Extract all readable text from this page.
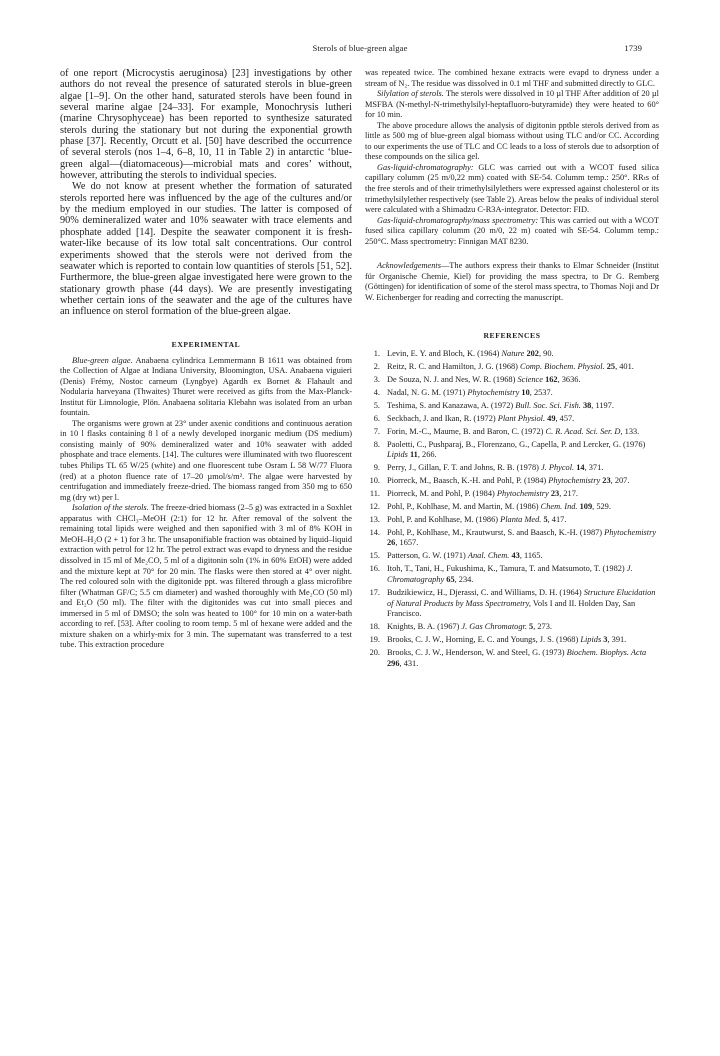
Sterols of blue-green algae	1739

of one report (Microcystis aeruginosa) [23] investigations by other authors do not reveal the presence of saturated sterols in blue-green algae [1–9]. On the other hand, saturated sterols have been found in several marine algae [24–33]. For example, Monochrysis lutheri (marine Chrysophyceae) has been reported to synthesize saturated sterols during the stationary but not during the exponential growth phase [37]. Recently, Orcutt et al. [50] have described the occurrence of several sterols (nos 1–4, 6–8, 10, 11 in Table 2) in antarctic ‘blue-green algal—(diatomaceous)—microbial mats and cores’ without, however, attributing the sterols to individual species.

We do not know at present whether the formation of saturated sterols reported here was influenced by the age of the cultures and/or by the medium employed in our studies. The latter is composed of 90% demineralized water and 10% seawater with trace elements and phosphate added [14]. Despite the seawater component it is fresh-water-like because of its low total salt concentrations. Our control experiments showed that the sterols were not derived from the seawater which is reported to contain low quantities of sterols [51, 52]. Furthermore, the blue-green algae investigated here were grown to the stationary growth phase (44 days). We are presently investigating whether certain ions of the seawater and the age of the cultures have an influence on sterol formation of the blue-green algae.

EXPERIMENTAL

Blue-green algae. Anabaena cylindrica Lemmermann B 1611 was obtained from the Collection of Algae at Indiana University, Bloomington, USA. Anabaena viguieri (Denis) Frémy, Nostoc carneum (Lyngbye) Agardh ex Bornet & Flahault and Nodularia harveyana (Thwaites) Thuret were received as gifts from the Max-Planck-Institut für Limnologie, Plön. Anabaena solitaria Klebahn was isolated from an urban fountain.

The organisms were grown at 23° under axenic conditions and continuous aeration in 10 l flasks containing 8 l of a newly developed inorganic medium (DS medium) consisting mainly of 90% demineralized water and 10% seawater with added phosphate and trace elements. [14]. The cultures were illuminated with two fluorescent tubes Philips TL 65 W/25 (white) and one fluorescent tube Osram L 58 W/77 Fluora (red) at a photon fluence rate of 17–20 µmol/s/m². The algae were harvested by centrifugation and immediately freeze-dried. The biomass ranged from 350 mg to 650 mg (dry wt) per l.

Isolation of the sterols. The freeze-dried biomass (2–5 g) was extracted in a Soxhlet apparatus with CHCl₃–MeOH (2:1) for 12 hr. After removal of the solvent the remaining total lipids were weighed and then saponified with 3 ml of 8% KOH in MeOH–H₂O (2 + 1) for 3 hr. The unsaponifiable fraction was obtained by liquid–liquid extraction with petrol for 12 hr. The petrol extract was evapd to dryness and the residue dissolved in 15 ml of Me₂CO, 5 ml of a digitonin soln (1% in 60% EtOH) were added and the mixture kept at 70° for 20 min. The flasks were then stored at 4° over night. The red coloured soln with the digitonide ppt. was filtered through a glass microfibre filter (Whatman GF/C; 5.5 cm diameter) and washed thoroughly with Me₂CO (50 ml) and Et₂O (50 ml). The filter with the digitonides was cut into small pieces and immersed in 5 ml of DMSO; the soln was heated to 100° for 10 min on a water-bath according to ref. [53]. After cooling to room temp. 5 ml of hexane were added and the mixture shaken on a whirly-mix for 3 min. The supernatant was transferred to a test tube. This extraction procedure

was repeated twice. The combined hexane extracts were evapd to dryness under a stream of N₂. The residue was dissolved in 0.1 ml THF and submitted directly to GLC.

Silylation of sterols. The sterols were dissolved in 10 µl THF After addition of 20 µl MSFBA (N-methyl-N-trimethylsilyl-heptafluoro-butyramide) they were heated to 60° for 10 min.

The above procedure allows the analysis of digitonin pptble sterols derived from as little as 500 mg of blue-green algal biomass without using TLC and/or CC. According to our experiments the use of TLC and CC leads to a loss of sterols due to adsorption of these compounds on the silica gel.

Gas-liquid-chromatography: GLC was carried out with a WCOT fused silica capillary columm (25 m/0,22 mm) coated with SE-54. Columm temp.: 250°. RRₜs of the free sterols and of their trimethylsilylethers were expressed against cholesterol or its trimethylsilylether respectively (see Table 2). Areas below the peaks of individual sterol were calculated with a Shimadzu C-R3A-integrator. Detector: FID.

Gas-liquid-chromatography/mass spectrometry: This was carried out with a WCOT fused silica capillary columm (20 m/0, 22 m) coated wih SE-54. Columm temp.: 250°C. Mass spectrometry: Finnigan MAT 8230.

Acknowledgements—The authors express their thanks to Elmar Schneider (Institut für Organische Chemie, Kiel) for providing the mass spectra, to Dr G. Remberg (Göttingen) for identification of some of the sterol mass spectra, to Thomas Noji and Dr W. Eichenberger for reading and correcting the manuscript.

REFERENCES
1. Levin, E. Y. and Bloch, K. (1964) Nature 202, 90.
2. Reitz, R. C. and Hamilton, J. G. (1968) Comp. Biochem. Physiol. 25, 401.
3. De Souza, N. J. and Nes, W. R. (1968) Science 162, 3636.
4. Nadal, N. G. M. (1971) Phytochemistry 10, 2537.
5. Teshima, S. and Kanazawa, A. (1972) Bull. Soc. Sci. Fish. 38, 1197.
6. Seckbach, J. and Ikan, R. (1972) Plant Physiol. 49, 457.
7. Forin, M.-C., Maume, B. and Baron, C. (1972) C. R. Acad. Sci. Ser. D, 133.
8. Paoletti, C., Pushparaj, B., Florenzano, G., Capella, P. and Lercker, G. (1976) Lipids 11, 266.
9. Perry, J., Gillan, F. T. and Johns, R. B. (1978) J. Phycol. 14, 371.
10. Piorreck, M., Baasch, K.-H. and Pohl, P. (1984) Phytochemistry 23, 207.
11. Piorreck, M. and Pohl, P. (1984) Phytochemistry 23, 217.
12. Pohl, P., Kohlhase, M. and Martin, M. (1986) Chem. Ind. 109, 529.
13. Pohl, P. and Kohlhase, M. (1986) Planta Med. 5, 417.
14. Pohl, P., Kohlhase, M., Krautwurst, S. and Baasch, K.-H. (1987) Phytochemistry 26, 1657.
15. Patterson, G. W. (1971) Anal. Chem. 43, 1165.
16. Itoh, T., Tani, H., Fukushima, K., Tamura, T. and Matsumoto, T. (1982) J. Chromatography 65, 234.
17. Budzikiewicz, H., Djerassi, C. and Williams, D. H. (1964) Structure Elucidation of Natural Products by Mass Spectrometry, Vols I and II. Holden Day, San Francisco.
18. Knights, B. A. (1967) J. Gas Chromatogr. 5, 273.
19. Brooks, C. J. W., Horning, E. C. and Youngs, J. S. (1968) Lipids 3, 391.
20. Brooks, C. J. W., Henderson, W. and Steel, G. (1973) Biochem. Biophys. Acta 296, 431.
